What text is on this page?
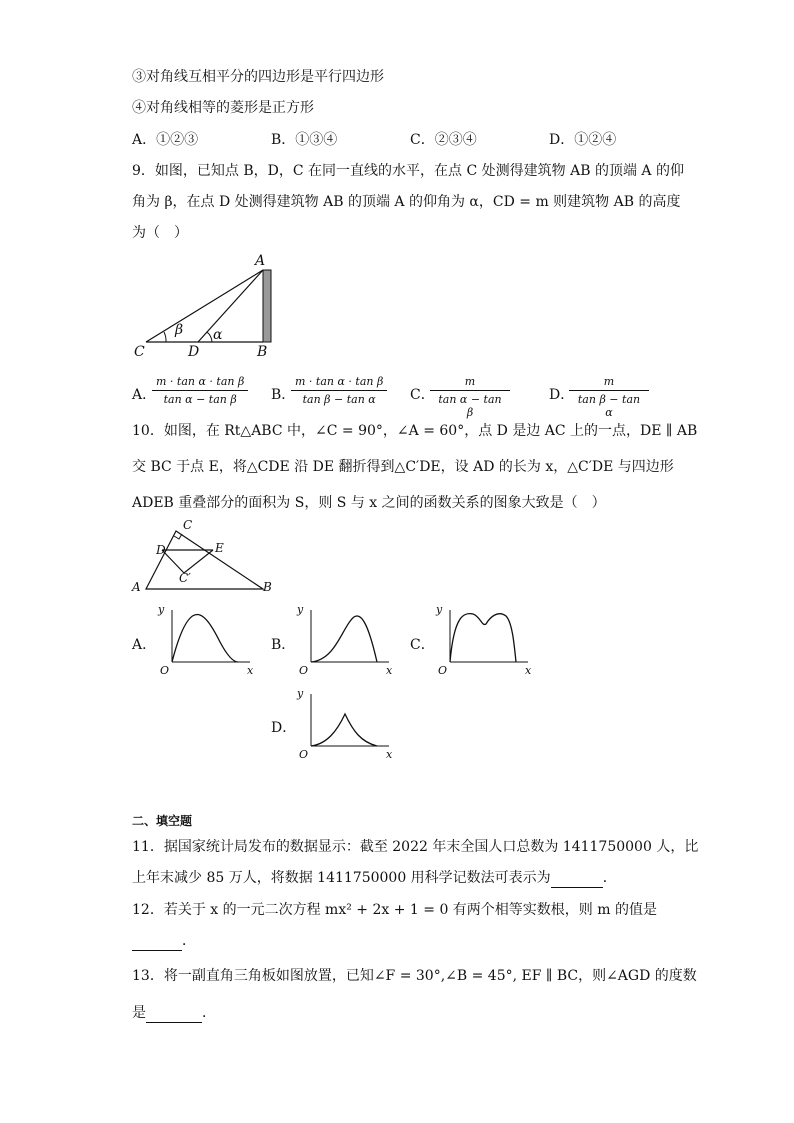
③对角线互相平分的四边形是平行四边形
④对角线相等的菱形是正方形
A．①②③	B．①③④	C．②③④	D．①②④
9．如图，已知点 B，D，C 在同一直线的水平，在点 C 处测得建筑物 AB 的顶端 A 的仰
角为 β，在点 D 处测得建筑物 AB 的顶端 A 的仰角为 α，CD = m 则建筑物 AB 的高度
为（　）
A
C	D	B
β α
A．
$\frac{\text{m · tan α · tan β}}{\text{tan α − tan β}}$ B．
$\frac{\text{m · tan α · tan β}}{\text{tan β − tan α}}$ C．
$\frac{m}{\text{tan α − tan β}}$	D．
$\frac{m}{\text{tan β − tan α}}$
10．如图，在 Rt△ABC 中，∠C = 90°，∠A = 60°，点 D 是边 AC 上的一点，DE ∥ AB
交 BC 于点 E，将△CDE 沿 DE 翻折得到△C′DE，设 AD 的长为 x，△C′DE 与四边形
ADEB 重叠部分的面积为 S，则 S 与 x 之间的函数关系的图象大致是（　）
C
D	E
C′
A	B
A．
y
O	x
B．
y
O	x
C．
y
O	x
D．
y
O	x
二、填空题
11．据国家统计局发布的数据显示：截至 2022 年末全国人口总数为 1411750000 人，比
上年末减少 85 万人，将数据 1411750000 用科学记数法可表示为	．
12．若关于 x 的一元二次方程 mx² + 2x + 1 = 0 有两个相等实数根，则 m 的值是
．
13．将一副直角三角板如图放置，已知∠F = 30°,∠B = 45°, EF ∥ BC，则∠AGD 的度数
是	．
